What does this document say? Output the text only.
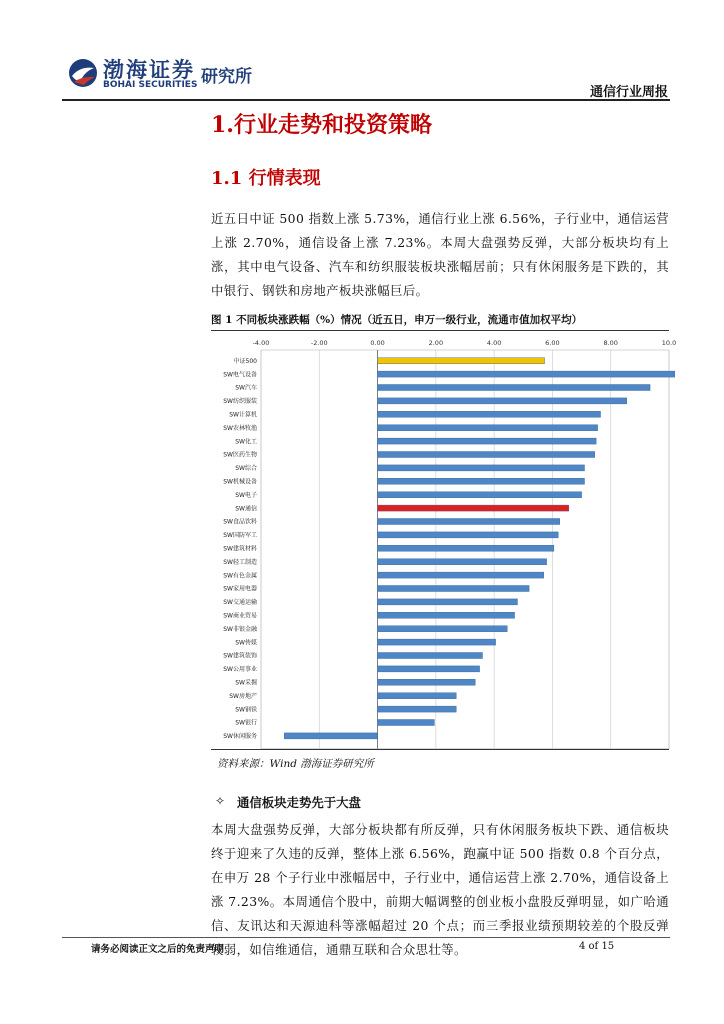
渤海证券
BOHAI SECURITIES 研究所
通信行业周报
1.行业走势和投资策略
1.1 行情表现
近五日中证 500 指数上涨 5.73%，通信行业上涨 6.56%，子行业中，通信运营上涨 2.70%，通信设备上涨 7.23%。本周大盘强势反弹，大部分板块均有上涨，其中电气设备、汽车和纺织服装板块涨幅居前；只有休闲服务是下跌的，其中银行、钢铁和房地产板块涨幅巨后。
图 1 不同板块涨跌幅（%）情况（近五日，申万一级行业，流通市值加权平均）
-4.00	-2.00	0.00	2.00	4.00	6.00	8.00	10.0
中证500
SW电气设备
SW汽车
SW纺织服装
SW计算机
SW农林牧渔
SW化工
SW医药生物
SW综合
SW机械设备
SW电子
SW通信
SW食品饮料
SW国防军工
SW建筑材料
SW轻工制造
SW有色金属
SW家用电器
SW交通运输
SW商业贸易
SW非银金融
SW传媒
SW建筑装饰
SW公用事业
SW采掘
SW房地产
SW钢铁
SW银行
SW休闲服务
资料来源：Wind 渤海证券研究所
✧ 通信板块走势先于大盘
本周大盘强势反弹，大部分板块都有所反弹，只有休闲服务板块下跌、通信板块终于迎来了久违的反弹，整体上涨 6.56%，跑赢中证 500 指数 0.8 个百分点，在申万 28 个子行业中涨幅居中，子行业中，通信运营上涨 2.70%，通信设备上涨 7.23%。本周通信个股中，前期大幅调整的创业板小盘股反弹明显，如广哈通信、友讯达和天源迪科等涨幅超过 20 个点；而三季报业绩预期较差的个股反弹较弱，如信维通信，通鼎互联和合众思壮等。
请务必阅读正文之后的免责声明	4 of 15
